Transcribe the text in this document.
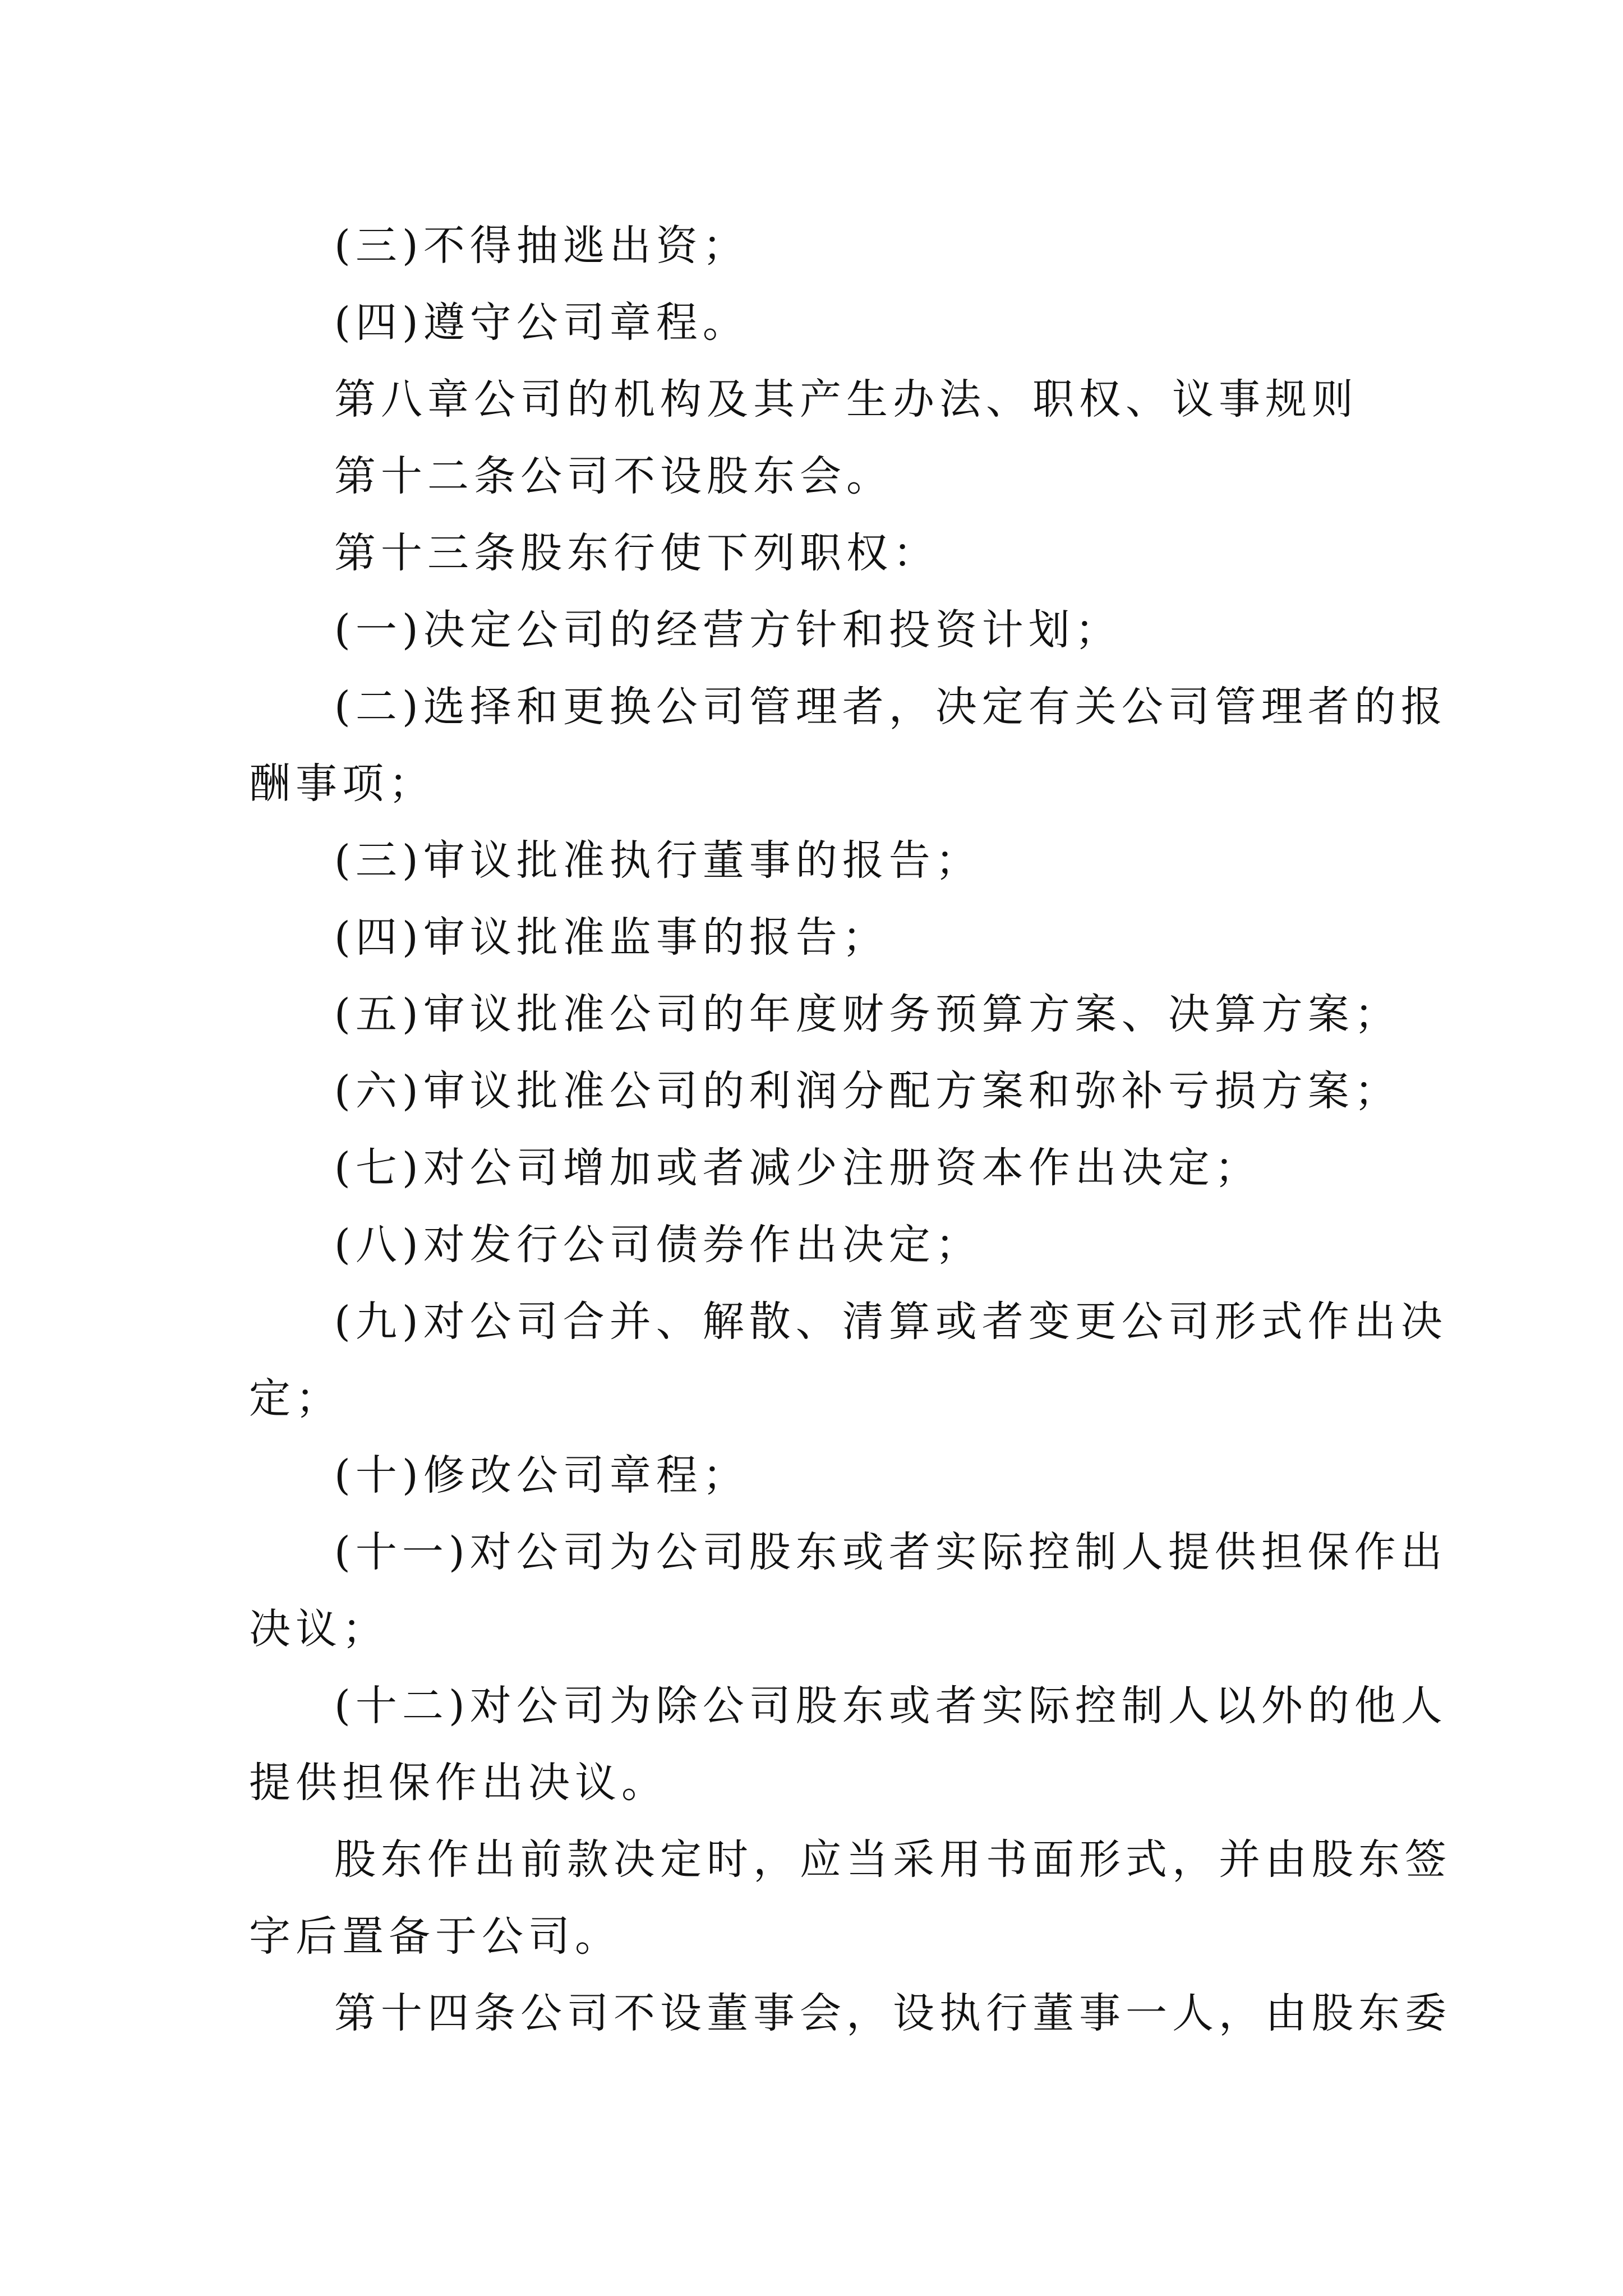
(三)不得抽逃出资；
(四)遵守公司章程。
第八章公司的机构及其产生办法、职权、议事规则
第十二条公司不设股东会。
第十三条股东行使下列职权：
(一)决定公司的经营方针和投资计划；
(二)选择和更换公司管理者，决定有关公司管理者的报
酬事项；
(三)审议批准执行董事的报告；
(四)审议批准监事的报告；
(五)审议批准公司的年度财务预算方案、决算方案；
(六)审议批准公司的利润分配方案和弥补亏损方案；
(七)对公司增加或者减少注册资本作出决定；
(八)对发行公司债券作出决定；
(九)对公司合并、解散、清算或者变更公司形式作出决
定；
(十)修改公司章程；
(十一)对公司为公司股东或者实际控制人提供担保作出
决议；
(十二)对公司为除公司股东或者实际控制人以外的他人
提供担保作出决议。
股东作出前款决定时，应当采用书面形式，并由股东签
字后置备于公司。
第十四条公司不设董事会，设执行董事一人，由股东委
